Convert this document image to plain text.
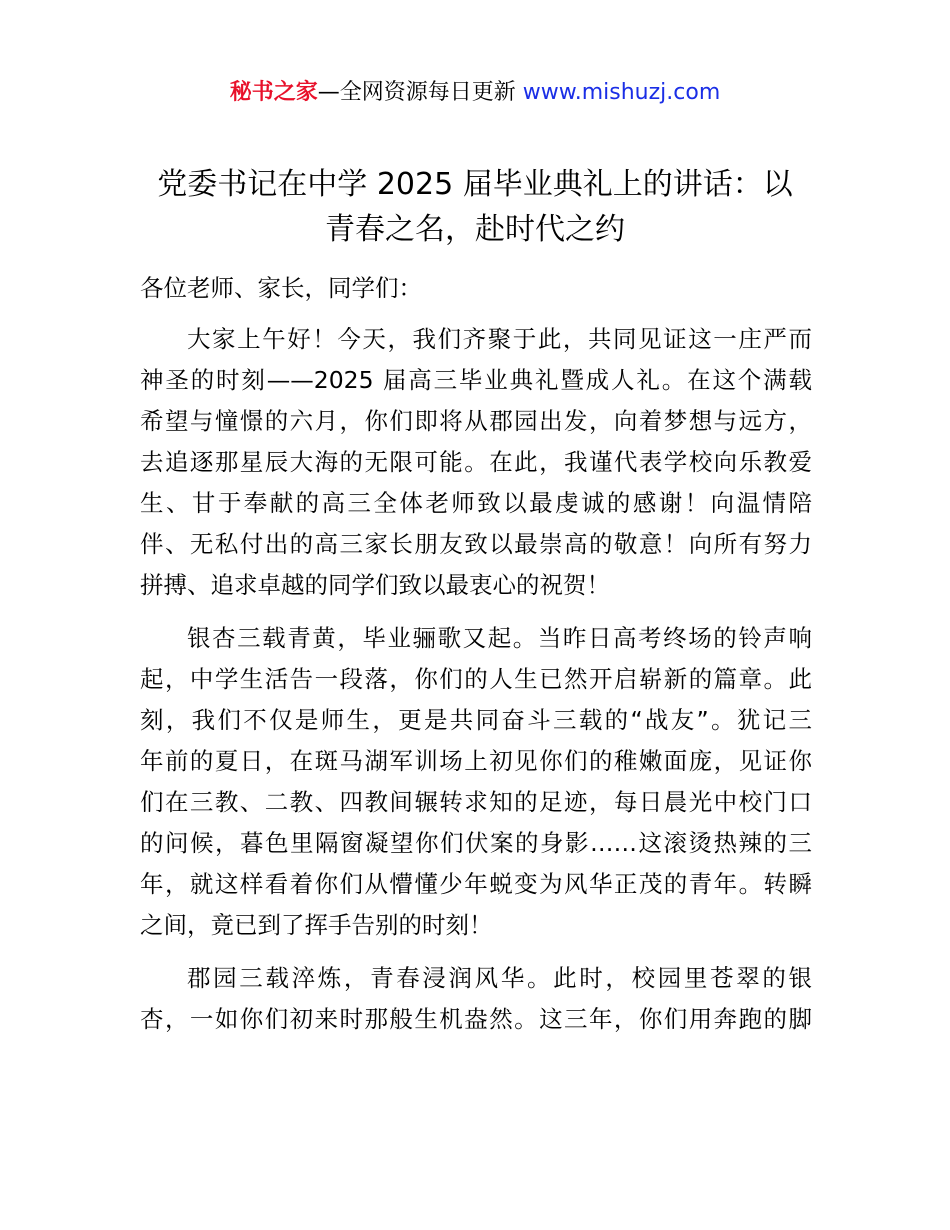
秘书之家—全网资源每日更新 www.mishuzj.com
党委书记在中学 2025 届毕业典礼上的讲话：以
青春之名，赴时代之约

各位老师、家长，同学们：

大家上午好！今天，我们齐聚于此，共同见证这一庄严而
神圣的时刻——2025 届高三毕业典礼暨成人礼。在这个满载
希望与憧憬的六月，你们即将从郡园出发，向着梦想与远方，
去追逐那星辰大海的无限可能。在此，我谨代表学校向乐教爱
生、甘于奉献的高三全体老师致以最虔诚的感谢！向温情陪
伴、无私付出的高三家长朋友致以最崇高的敬意！向所有努力
拼搏、追求卓越的同学们致以最衷心的祝贺！

银杏三载青黄，毕业骊歌又起。当昨日高考终场的铃声响
起，中学生活告一段落，你们的人生已然开启崭新的篇章。此
刻，我们不仅是师生，更是共同奋斗三载的“战友”。犹记三
年前的夏日，在斑马湖军训场上初见你们的稚嫩面庞，见证你
们在三教、二教、四教间辗转求知的足迹，每日晨光中校门口
的问候，暮色里隔窗凝望你们伏案的身影……这滚烫热辣的三
年，就这样看着你们从懵懂少年蜕变为风华正茂的青年。转瞬
之间，竟已到了挥手告别的时刻！

郡园三载淬炼，青春浸润风华。此时，校园里苍翠的银
杏，一如你们初来时那般生机盎然。这三年，你们用奔跑的脚
